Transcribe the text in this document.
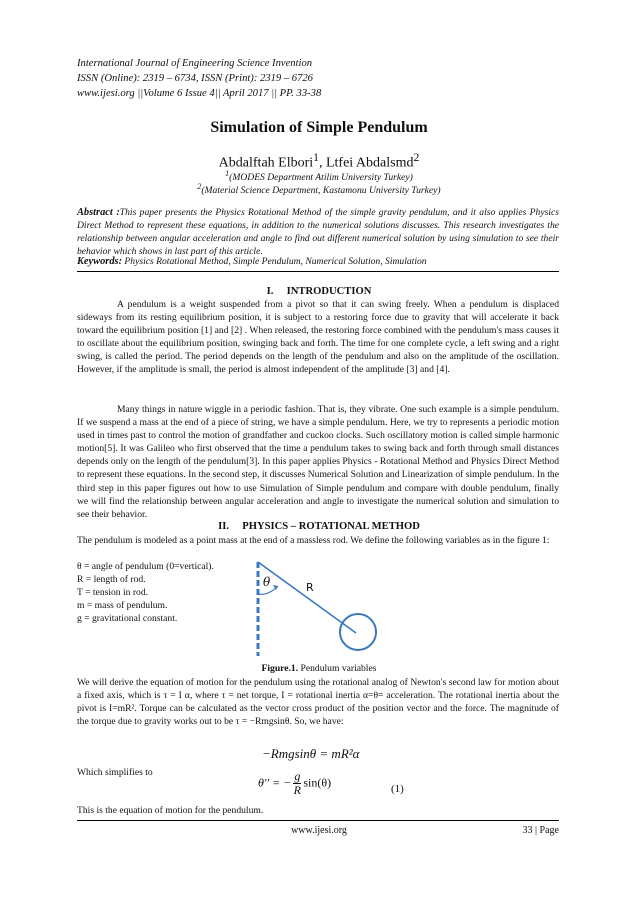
International Journal of Engineering Science Invention
ISSN (Online): 2319 – 6734, ISSN (Print): 2319 – 6726
www.ijesi.org ||Volume 6 Issue 4|| April 2017 || PP. 33-38
Simulation of Simple Pendulum
Abdalftah Elbori$^1$, Ltfei Abdalsmd$^2$
$^1$(MODES Department Atilim University Turkey)
$^2$(Material Science Department, Kastamonu University Turkey)
Abstract :This paper presents the Physics Rotational Method of the simple gravity pendulum, and it also applies Physics Direct Method to represent these equations, in addition to the numerical solutions discusses. This research investigates the relationship between angular acceleration and angle to find out different numerical solution by using simulation to see their behavior which shows in last part of this article.
Keywords: Physics Rotational Method, Simple Pendulum, Numerical Solution, Simulation
I.     INTRODUCTION
A pendulum is a weight suspended from a pivot so that it can swing freely. When a pendulum is displaced sideways from its resting equilibrium position, it is subject to a restoring force due to gravity that will accelerate it back toward the equilibrium position [1] and [2] . When released, the restoring force combined with the pendulum's mass causes it to oscillate about the equilibrium position, swinging back and forth. The time for one complete cycle, a left swing and a right swing, is called the period. The period depends on the length of the pendulum and also on the amplitude of the oscillation. However, if the amplitude is small, the period is almost independent of the amplitude [3] and [4].
Many things in nature wiggle in a periodic fashion. That is, they vibrate. One such example is a simple pendulum. If we suspend a mass at the end of a piece of string, we have a simple pendulum. Here, we try to represents a periodic motion used in times past to control the motion of grandfather and cuckoo clocks. Such oscillatory motion is called simple harmonic motion[5]. It was Galileo who first observed that the time a pendulum takes to swing back and forth through small distances depends only on the length of the pendulum[3]. In this paper applies Physics - Rotational Method and Physics Direct Method to represent these equations. In the second step, it discusses Numerical Solution and Linearization of simple pendulum. In the third step in this paper figures out how to use Simulation of Simple pendulum and compare with double pendulum, finally we will find the relationship between angular acceleration and angle to investigate the numerical solution and simulation to see their behavior.
II.     PHYSICS – ROTATIONAL METHOD
The pendulum is modeled as a point mass at the end of a massless rod. We define the following variables as in the figure 1:
θ = angle of pendulum (0=vertical).
R = length of rod.
T = tension in rod.
m = mass of pendulum.
g = gravitational constant.
θ	R
Figure.1. Pendulum variables
We will derive the equation of motion for the pendulum using the rotational analog of Newton's second law for motion about a fixed axis, which is τ = I α, where τ = net torque, I = rotational inertia α=θ= acceleration. The rotational inertia about the pivot is I=mR². Torque can be calculated as the vector cross product of the position vector and the force. The magnitude of the torque due to gravity works out to be τ = −Rmgsinθ. So, we have:
−Rmgsinθ = mR²α
Which simplifies to
θ′′ = − $\frac{g}{R} \sin(\theta)$	(1)
This is the equation of motion for the pendulum.
www.ijesi.org	33 | Page
